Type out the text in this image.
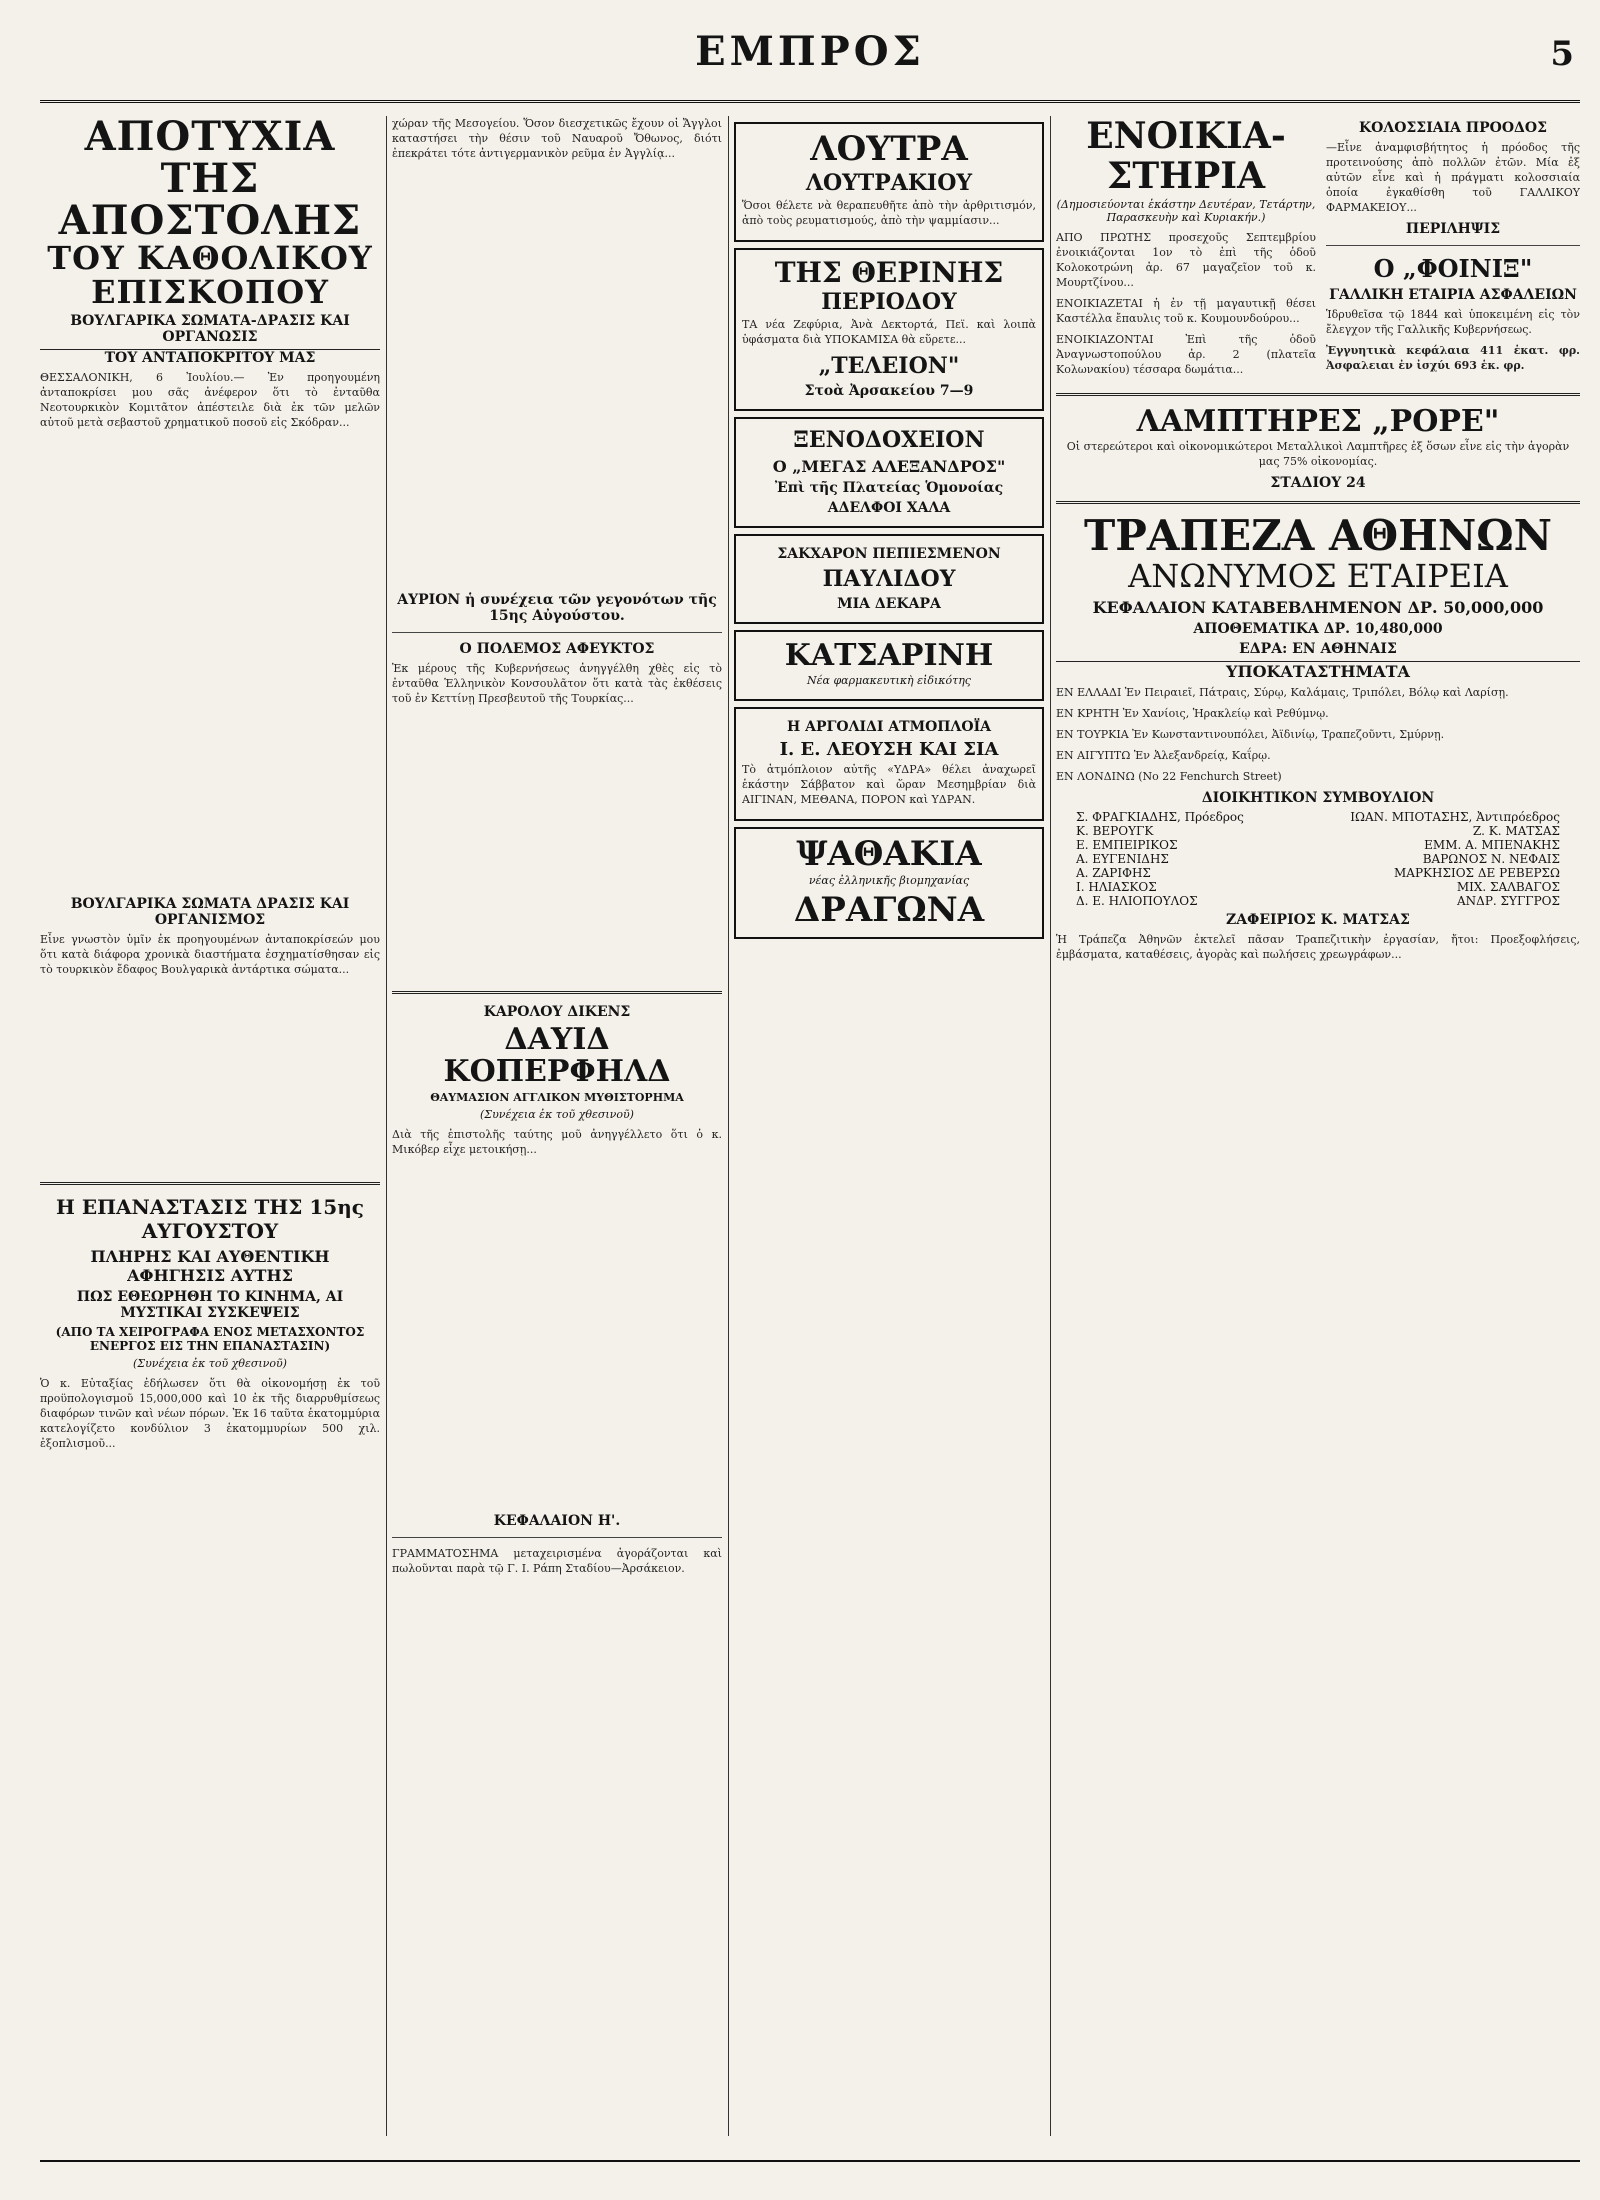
ΕΜΠΡΟΣ	5
ΑΠΟΤΥΧΙΑ ΤΗΣ ΑΠΟΣΤΟΛΗΣ
ΤΟΥ ΚΑΘΟΛΙΚΟΥ ΕΠΙΣΚΟΠΟΥ
ΒΟΥΛΓΑΡΙΚΑ ΣΩΜΑΤΑ-ΔΡΑΣΙΣ ΚΑΙ ΟΡΓΑΝΩΣΙΣ
ΤΟΥ ΑΝΤΑΠΟΚΡΙΤΟΥ ΜΑΣ

ΘΕΣΣΑΛΟΝΙΚΗ, 6 Ἰουλίου.— Ἐν προηγουμένη ἀνταποκρίσει μου σᾶς ἀνέφερον ὅτι τὸ ἐνταῦθα Νεοτουρκικὸν Κομιτᾶτον ἀπέστειλε διὰ ἐκ τῶν μελῶν αὐτοῦ μετὰ σεβαστοῦ χρηματικοῦ ποσοῦ εἰς Σκόδραν...

ΒΟΥΛΓΑΡΙΚΑ ΣΩΜΑΤΑ ΔΡΑΣΙΣ ΚΑΙ ΟΡΓΑΝΙΣΜΟΣ

Εἶνε γνωστὸν ὑμῖν ἐκ προηγουμένων ἀνταποκρίσεών μου ὅτι κατὰ διάφορα χρονικὰ διαστήματα ἐσχηματίσθησαν εἰς τὸ τουρκικὸν ἔδαφος Βουλγαρικὰ ἀντάρτικα σώματα...

Η ΕΠΑΝΑΣΤΑΣΙΣ ΤΗΣ 15ης ΑΥΓΟΥΣΤΟΥ
ΠΛΗΡΗΣ ΚΑΙ ΑΥΘΕΝΤΙΚΗ ΑΦΗΓΗΣΙΣ ΑΥΤΗΣ
ΠΩΣ ΕΘΕΩΡΗΘΗ ΤΟ ΚΙΝΗΜΑ, ΑΙ ΜΥΣΤΙΚΑΙ ΣΥΣΚΕΨΕΙΣ
(ΑΠΟ ΤΑ ΧΕΙΡΟΓΡΑΦΑ ΕΝΟΣ ΜΕΤΑΣΧΟΝΤΟΣ ΕΝΕΡΓΟΣ ΕΙΣ ΤΗΝ ΕΠΑΝΑΣΤΑΣΙΝ)
(Συνέχεια ἐκ τοῦ χθεσινοῦ)

Ὁ κ. Εὐταξίας ἐδήλωσεν ὅτι θὰ οἰκονομήσῃ ἐκ τοῦ προϋπολογισμοῦ 15,000,000 καὶ 10 ἐκ τῆς διαρρυθμίσεως διαφόρων τινῶν καὶ νέων πόρων. Ἐκ 16 ταῦτα ἑκατομμύρια κατελογίζετο κονδύλιον 3 ἑκατομμυρίων 500 χιλ. ἐξοπλισμοῦ...

χώραν τῆς Μεσογείου. Ὅσον διεσχετικῶς ἔχουν οἱ Ἄγγλοι καταστήσει τὴν θέσιν τοῦ Ναυαροῦ Ὄθωνος, διότι ἐπεκράτει τότε ἀντιγερμανικὸν ρεῦμα ἐν Ἀγγλίᾳ...

ΑΥΡΙΟΝ ἡ συνέχεια τῶν γεγονότων τῆς 15ης Αὐγούστου.
Ο ΠΟΛΕΜΟΣ ΑΦΕΥΚΤΟΣ

Ἐκ μέρους τῆς Κυβερνήσεως ἀνηγγέλθη χθὲς εἰς τὸ ἐνταῦθα Ἑλληνικὸν Κονσουλᾶτον ὅτι κατὰ τὰς ἐκθέσεις τοῦ ἐν Κεττίνῃ Πρεσβευτοῦ τῆς Τουρκίας...

ΚΑΡΟΛΟΥ ΔΙΚΕΝΣ
ΔΑΥΙΔ ΚΟΠΕΡΦΗΛΔ
ΘΑΥΜΑΣΙΟΝ ΑΓΓΛΙΚΟΝ ΜΥΘΙΣΤΟΡΗΜΑ
(Συνέχεια ἐκ τοῦ χθεσινοῦ)

Διὰ τῆς ἐπιστολῆς ταύτης μοῦ ἀνηγγέλλετο ὅτι ὁ κ. Μικόβερ εἶχε μετοικήσῃ...

ΚΕΦΑΛΑΙΟΝ Η'.

ΓΡΑΜΜΑΤΟΣΗΜΑ μεταχειρισμένα ἀγοράζονται καὶ πωλοῦνται παρὰ τῷ Γ. Ι. Ράπη Σταδίου—Ἀρσάκειον.

ΛΟΥΤΡΑ
ΛΟΥΤΡΑΚΙΟΥ

Ὅσοι θέλετε νὰ θεραπευθῆτε ἀπὸ τὴν ἀρθριτισμόν, ἀπὸ τοὺς ρευματισμούς, ἀπὸ τὴν ψαμμίασιν...

ΤΗΣ ΘΕΡΙΝΗΣ
ΠΕΡΙΟΔΟΥ

ΤΑ νέα Ζεφύρια, Ἀνὰ Δεκτορτά, Πεϊ. καὶ λοιπὰ ὑφάσματα διὰ ΥΠΟΚΑΜΙΣΑ θὰ εὕρετε...

„ΤΕΛΕΙΟΝ"
Στοὰ Ἀρσακείου 7—9
ΞΕΝΟΔΟΧΕΙΟΝ
Ο „ΜΕΓΑΣ ΑΛΕΞΑΝΔΡΟΣ"
Ἐπὶ τῆς Πλατείας Ὁμονοίας
ΑΔΕΛΦΟΙ ΧΑΛΑ
ΣΑΚΧΑΡΟΝ ΠΕΠΙΕΣΜΕΝΟΝ
ΠΑΥΛΙΔΟΥ
ΜΙΑ ΔΕΚΑΡΑ
ΚΑΤΣΑΡΙΝΗ
Νέα φαρμακευτικὴ εἰδικότης
Η ΑΡΓΟΛΙΔΙ ΑΤΜΟΠΛΟΪΑ
Ι. Ε. ΛΕΟΥΣΗ ΚΑΙ ΣΙΑ

Τὸ ἀτμόπλοιον αὐτῆς «ΥΔΡΑ» θέλει ἀναχωρεῖ ἑκάστην Σάββατον καὶ ὥραν Μεσημβρίαν διὰ ΑΙΓΙΝΑΝ, ΜΕΘΑΝΑ, ΠΟΡΟΝ καὶ ΥΔΡΑΝ.

ΨΑΘΑΚΙΑ
νέας ἐλληνικῆς βιομηχανίας
ΔΡΑΓΩΝΑ
ΕΝΟΙΚΙΑ-
ΣΤΗΡΙΑ
(Δημοσιεύονται ἑκάστην Δευτέραν, Τετάρτην, Παρασκευὴν καὶ Κυριακήν.)

ΑΠΟ ΠΡΩΤΗΣ προσεχοῦς Σεπτεμβρίου ἐνοικιάζονται 1ον τὸ ἐπὶ τῆς ὁδοῦ Κολοκοτρώνη ἀρ. 67 μαγαζεῖον τοῦ κ. Μουρτζίνου...

ΕΝΟΙΚΙΑΖΕΤΑΙ ἡ ἐν τῇ μαγαυτικῇ θέσει Καστέλλα ἔπαυλις τοῦ κ. Κουμουνδούρου...

ΕΝΟΙΚΙΑΖΟΝΤΑΙ Ἐπὶ τῆς ὁδοῦ Ἀναγνωστοπούλου ἀρ. 2 (πλατεῖα Κολωνακίου) τέσσαρα δωμάτια...

ΚΟΛΟΣΣΙΑΙΑ ΠΡΟΟΔΟΣ

—Εἶνε ἀναμφισβήτητος ἡ πρόοδος τῆς προτεινούσης ἀπὸ πολλῶν ἐτῶν. Μία ἐξ αὐτῶν εἶνε καὶ ἡ πράγματι κολοσσιαία ὁποία ἐγκαθίσθη τοῦ ΓΑΛΛΙΚΟΥ ΦΑΡΜΑΚΕΙΟΥ...

ΠΕΡΙΛΗΨΙΣ
Ο „ΦΟΙΝΙΞ"
ΓΑΛΛΙΚΗ ΕΤΑΙΡΙΑ ΑΣΦΑΛΕΙΩΝ

Ἱδρυθεῖσα τῷ 1844 καὶ ὑποκειμένη εἰς τὸν ἔλεγχον τῆς Γαλλικῆς Κυβερνήσεως.

Ἐγγυητικὰ κεφάλαια 411 ἑκατ. φρ. Ἀσφαλειαι ἐν ἰσχύι 693 ἑκ. φρ.

ΛΑΜΠΤΗΡΕΣ „ΡΟΡΕ"

Οἱ στερεώτεροι καὶ οἰκονομικώτεροι Μεταλλικοὶ Λαμπτῆρες ἐξ ὅσων εἶνε εἰς τὴν ἀγορὰν μας 75% οἰκονομίας.

ΣΤΑΔΙΟΥ 24
ΤΡΑΠΕΖΑ ΑΘΗΝΩΝ
ΑΝΩΝΥΜΟΣ ΕΤΑΙΡΕΙΑ
ΚΕΦΑΛΑΙΟΝ ΚΑΤΑΒΕΒΛΗΜΕΝΟΝ ΔΡ. 50,000,000
ΑΠΟΘΕΜΑΤΙΚΑ ΔΡ. 10,480,000
ΕΔΡΑ: ΕΝ ΑΘΗΝΑΙΣ
ΥΠΟΚΑΤΑΣΤΗΜΑΤΑ

ΕΝ ΕΛΛΑΔΙ Ἐν Πειραιεῖ, Πάτραις, Σύρῳ, Καλάμαις, Τριπόλει, Βόλῳ καὶ Λαρίσῃ.

ΕΝ ΚΡΗΤΗ Ἐν Χανίοις, Ἡρακλείῳ καὶ Ρεθύμνῳ.

ΕΝ ΤΟΥΡΚΙΑ Ἐν Κωνσταντινουπόλει, Ἀϊδινίῳ, Τραπεζοῦντι, Σμύρνῃ.

ΕΝ ΑΙΓΥΠΤΩ Ἐν Ἀλεξανδρείᾳ, Καΐρῳ.

ΕΝ ΛΟΝΔΙΝΩ (Νο 22 Fenchurch Street)

ΔΙΟΙΚΗΤΙΚΟΝ ΣΥΜΒΟΥΛΙΟΝ
Σ. ΦΡΑΓΚΙΑΔΗΣ, Πρόεδρος	ΙΩΑΝ. ΜΠΟΤΑΣΗΣ, Ἀντιπρόεδρος
Κ. ΒΕΡΟΥΓΚ	Ζ. Κ. ΜΑΤΣΑΣ
Ε. ΕΜΠΕΙΡΙΚΟΣ	ΕΜΜ. Α. ΜΠΕΝΑΚΗΣ
Α. ΕΥΓΕΝΙΔΗΣ	ΒΑΡΩΝΟΣ Ν. ΝΕΦΑΙΣ
Α. ΖΑΡΙΦΗΣ	ΜΑΡΚΗΣΙΟΣ ΔΕ ΡΕΒΕΡΣΩ
Ι. ΗΛΙΑΣΚΟΣ	ΜΙΧ. ΣΑΛΒΑΓΟΣ
Δ. Ε. ΗΛΙΟΠΟΥΛΟΣ	ΑΝΔΡ. ΣΥΓΓΡΟΣ
ΖΑΦΕΙΡΙΟΣ Κ. ΜΑΤΣΑΣ

Ἡ Τράπεζα Ἀθηνῶν ἐκτελεῖ πᾶσαν Τραπεζιτικὴν ἐργασίαν, ἤτοι: Προεξοφλήσεις, ἐμβάσματα, καταθέσεις, ἀγορὰς καὶ πωλήσεις χρεωγράφων...
